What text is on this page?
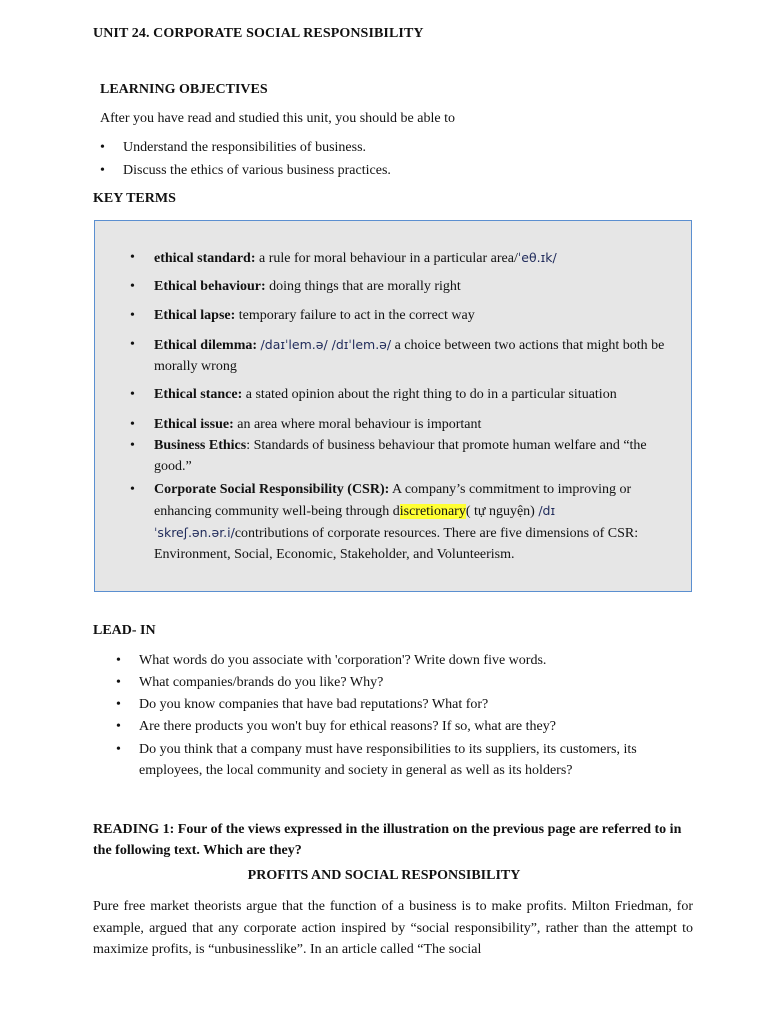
UNIT 24. CORPORATE SOCIAL RESPONSIBILITY
LEARNING OBJECTIVES
After you have read and studied this unit, you should be able to
• Understand the responsibilities of business.
• Discuss the ethics of various business practices.
KEY TERMS
• ethical standard: a rule for moral behaviour in a particular area/ˈeθ.ɪk/
• Ethical behaviour: doing things that are morally right
• Ethical lapse: temporary failure to act in the correct way
• Ethical dilemma: /daɪˈlem.ə/ /dɪˈlem.ə/ a choice between two actions that might both be morally wrong
• Ethical stance: a stated opinion about the right thing to do in a particular situation
• Ethical issue: an area where moral behaviour is important
• Business Ethics: Standards of business behaviour that promote human welfare and “the good.”
• Corporate Social Responsibility (CSR): A company’s commitment to improving or enhancing community well-being through discretionary( tự nguyện) /dɪ ˈskreʃ.ən.ər.i/contributions of corporate resources. There are five dimensions of CSR: Environment, Social, Economic, Stakeholder, and Volunteerism.
LEAD- IN
•	What words do you associate with 'corporation'? Write down five words.
•	What companies/brands do you like? Why?
•	Do you know companies that have bad reputations? What for?
•	Are there products you won't buy for ethical reasons? If so, what are they?
•	Do you think that a company must have responsibilities to its suppliers, its customers, its employees, the local community and society in general as well as its holders?
READING 1: Four of the views expressed in the illustration on the previous page are referred to in the following text. Which are they?
PROFITS AND SOCIAL RESPONSIBILITY
Pure free market theorists argue that the function of a business is to make profits. Milton Friedman, for example, argued that any corporate action inspired by “social responsibility”, rather than the attempt to maximize profits, is “unbusinesslike”. In an article called “The social
